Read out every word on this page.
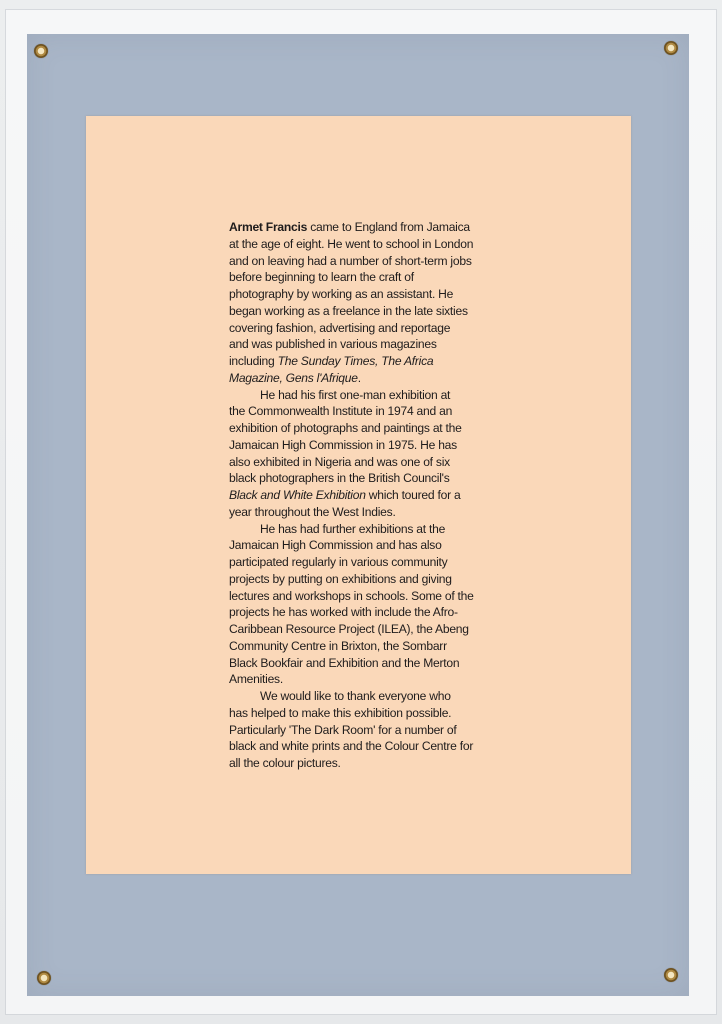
Armet Francis came to England from Jamaica
at the age of eight. He went to school in London
and on leaving had a number of short-term jobs
before beginning to learn the craft of
photography by working as an assistant. He
began working as a freelance in the late sixties
covering fashion, advertising and reportage
and was published in various magazines
including The Sunday Times, The Africa
Magazine, Gens l'Afrique.

He had his first one-man exhibition at
the Commonwealth Institute in 1974 and an
exhibition of photographs and paintings at the
Jamaican High Commission in 1975. He has
also exhibited in Nigeria and was one of six
black photographers in the British Council's
Black and White Exhibition which toured for a
year throughout the West Indies.

He has had further exhibitions at the
Jamaican High Commission and has also
participated regularly in various community
projects by putting on exhibitions and giving
lectures and workshops in schools. Some of the
projects he has worked with include the Afro-
Caribbean Resource Project (ILEA), the Abeng
Community Centre in Brixton, the Sombarr
Black Bookfair and Exhibition and the Merton
Amenities.

We would like to thank everyone who
has helped to make this exhibition possible.
Particularly 'The Dark Room' for a number of
black and white prints and the Colour Centre for
all the colour pictures.
